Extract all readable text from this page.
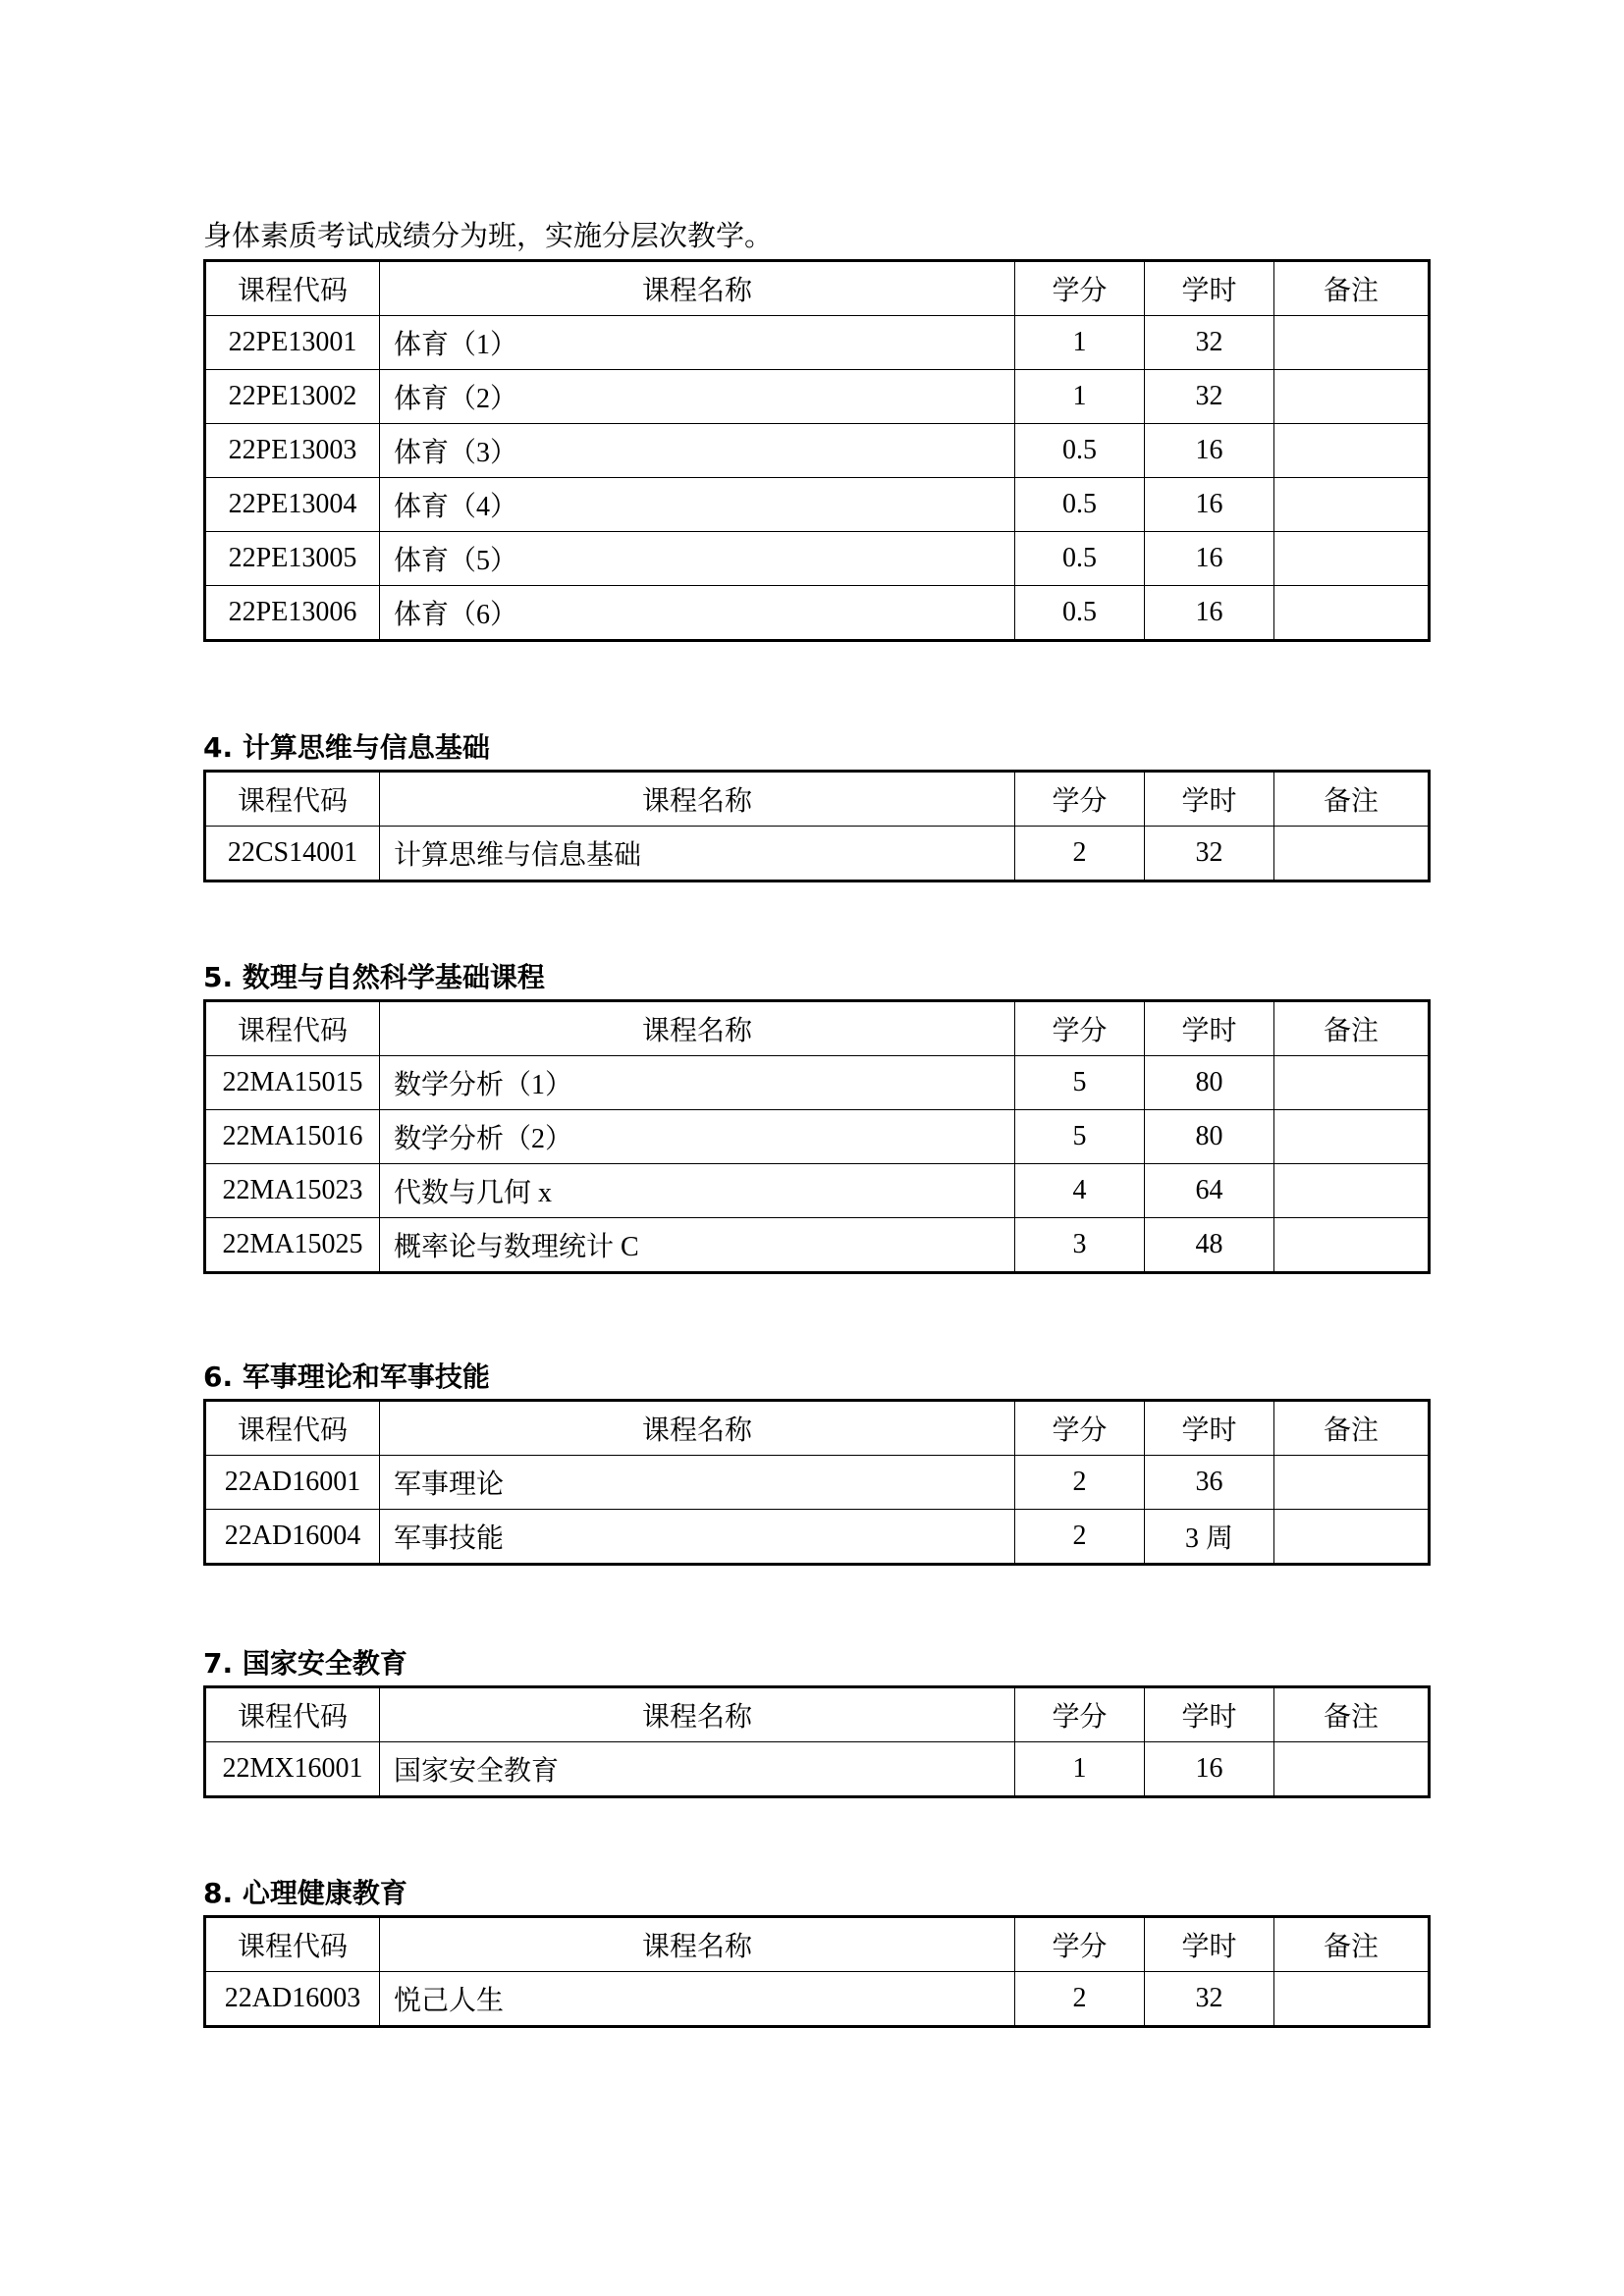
身体素质考试成绩分为班，实施分层次教学。
课程代码	课程名称	学分	学时	备注
22PE13001	体育（1）	1	32	
22PE13002	体育（2）	1	32	
22PE13003	体育（3）	0.5	16	
22PE13004	体育（4）	0.5	16	
22PE13005	体育（5）	0.5	16	
22PE13006	体育（6）	0.5	16	
4. 计算思维与信息基础
课程代码	课程名称	学分	学时	备注
22CS14001	计算思维与信息基础	2	32	
5. 数理与自然科学基础课程
课程代码	课程名称	学分	学时	备注
22MA15015	数学分析（1）	5	80	
22MA15016	数学分析（2）	5	80	
22MA15023	代数与几何 x	4	64	
22MA15025	概率论与数理统计 C	3	48	
6. 军事理论和军事技能
课程代码	课程名称	学分	学时	备注
22AD16001	军事理论	2	36	
22AD16004	军事技能	2	3 周	
7. 国家安全教育
课程代码	课程名称	学分	学时	备注
22MX16001	国家安全教育	1	16	
8. 心理健康教育
课程代码	课程名称	学分	学时	备注
22AD16003	悦己人生	2	32	
